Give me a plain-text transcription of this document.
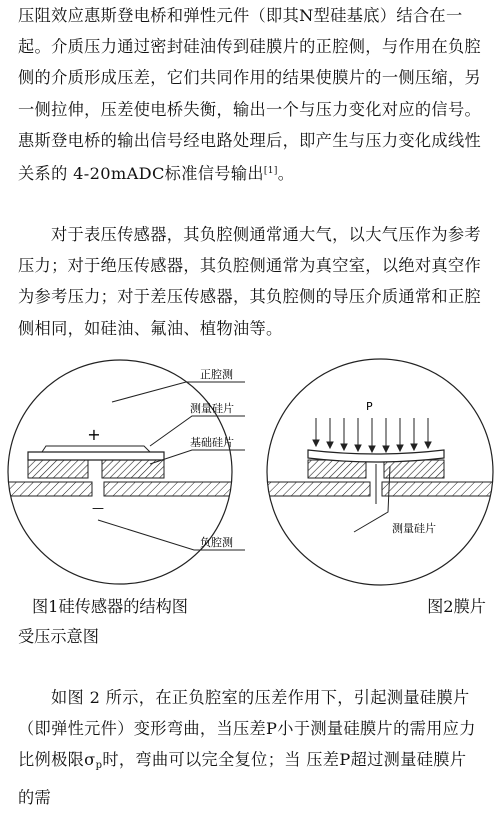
压阻效应惠斯登电桥和弹性元件（即其N型硅基底）结合在一起。介质压力通过密封硅油传到硅膜片的正腔侧，与作用在负腔侧的介质形成压差，它们共同作用的结果使膜片的一侧压缩，另一侧拉伸，压差使电桥失衡，输出一个与压力变化对应的信号。惠斯登电桥的输出信号经电路处理后，即产生与压力变化成线性关系的 4-20mADC标准信号输出[1]。

对于表压传感器，其负腔侧通常通大气，以大气压作为参考压力；对于绝压传感器，其负腔侧通常为真空室，以绝对真空作为参考压力；对于差压传感器，其负腔侧的导压介质通常和正腔侧相同，如硅油、氟油、植物油等。

+
—
正腔测
测量硅片
基础硅片
负腔测
P
测量硅片
图1硅传感器的结构图	图2膜片
受压示意图

如图 2 所示，在正负腔室的压差作用下，引起测量硅膜片（即弹性元件）变形弯曲，当压差P小于测量硅膜片的需用应力比例极限$\sigma_p$时，弯曲可以完全复位；当 压差P超过测量硅膜片 的需
